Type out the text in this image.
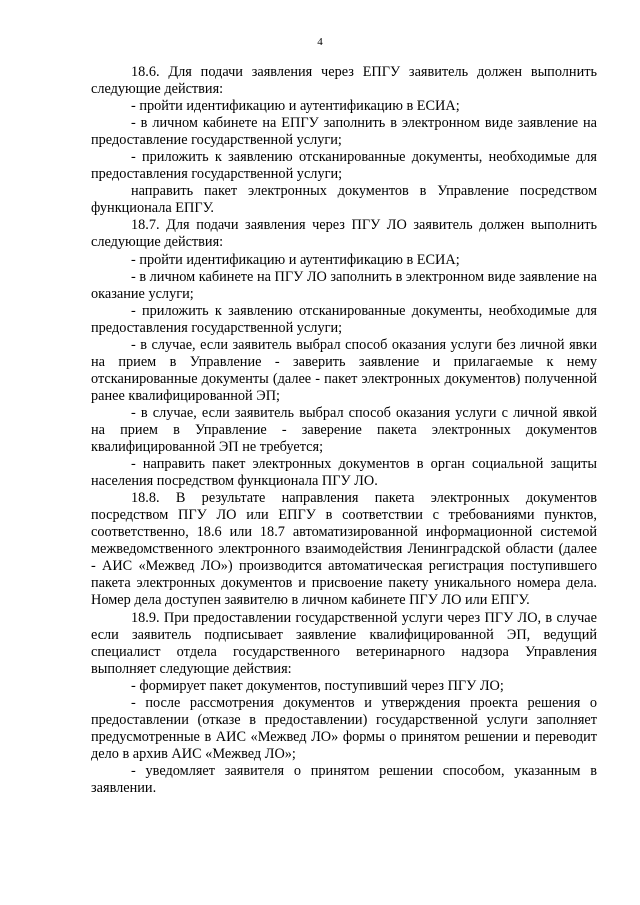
4

18.6. Для подачи заявления через ЕПГУ заявитель должен выполнить следующие действия:

- пройти идентификацию и аутентификацию в ЕСИА;

- в личном кабинете на ЕПГУ заполнить в электронном виде заявление на предоставление государственной услуги;

- приложить к заявлению отсканированные документы, необходимые для предоставления государственной услуги;

направить пакет электронных документов в Управление посредством функционала ЕПГУ.

18.7. Для подачи заявления через ПГУ ЛО заявитель должен выполнить следующие действия:

- пройти идентификацию и аутентификацию в ЕСИА;

- в личном кабинете на ПГУ ЛО заполнить в электронном виде заявление на оказание услуги;

- приложить к заявлению отсканированные документы, необходимые для предоставления государственной услуги;

- в случае, если заявитель выбрал способ оказания услуги без личной явки на прием в Управление - заверить заявление и прилагаемые к нему отсканированные документы (далее - пакет электронных документов) полученной ранее квалифицированной ЭП;

- в случае, если заявитель выбрал способ оказания услуги с личной явкой на прием в Управление - заверение пакета электронных документов квалифицированной ЭП не требуется;

- направить пакет электронных документов в орган социальной защиты населения посредством функционала ПГУ ЛО.

18.8. В результате направления пакета электронных документов посредством ПГУ ЛО или ЕПГУ в соответствии с требованиями пунктов, соответственно, 18.6 или 18.7 автоматизированной информационной системой межведомственного электронного взаимодействия Ленинградской области (далее - АИС «Межвед ЛО») производится автоматическая регистрация поступившего пакета электронных документов и присвоение пакету уникального номера дела. Номер дела доступен заявителю в личном кабинете ПГУ ЛО или ЕПГУ.

18.9. При предоставлении государственной услуги через ПГУ ЛО, в случае если заявитель подписывает заявление квалифицированной ЭП, ведущий специалист отдела государственного ветеринарного надзора Управления выполняет следующие действия:

- формирует пакет документов, поступивший через ПГУ ЛО;

- после рассмотрения документов и утверждения проекта решения о предоставлении (отказе в предоставлении) государственной услуги заполняет предусмотренные в АИС «Межвед ЛО» формы о принятом решении и переводит дело в архив АИС «Межвед ЛО»;

- уведомляет заявителя о принятом решении способом, указанным в заявлении.
